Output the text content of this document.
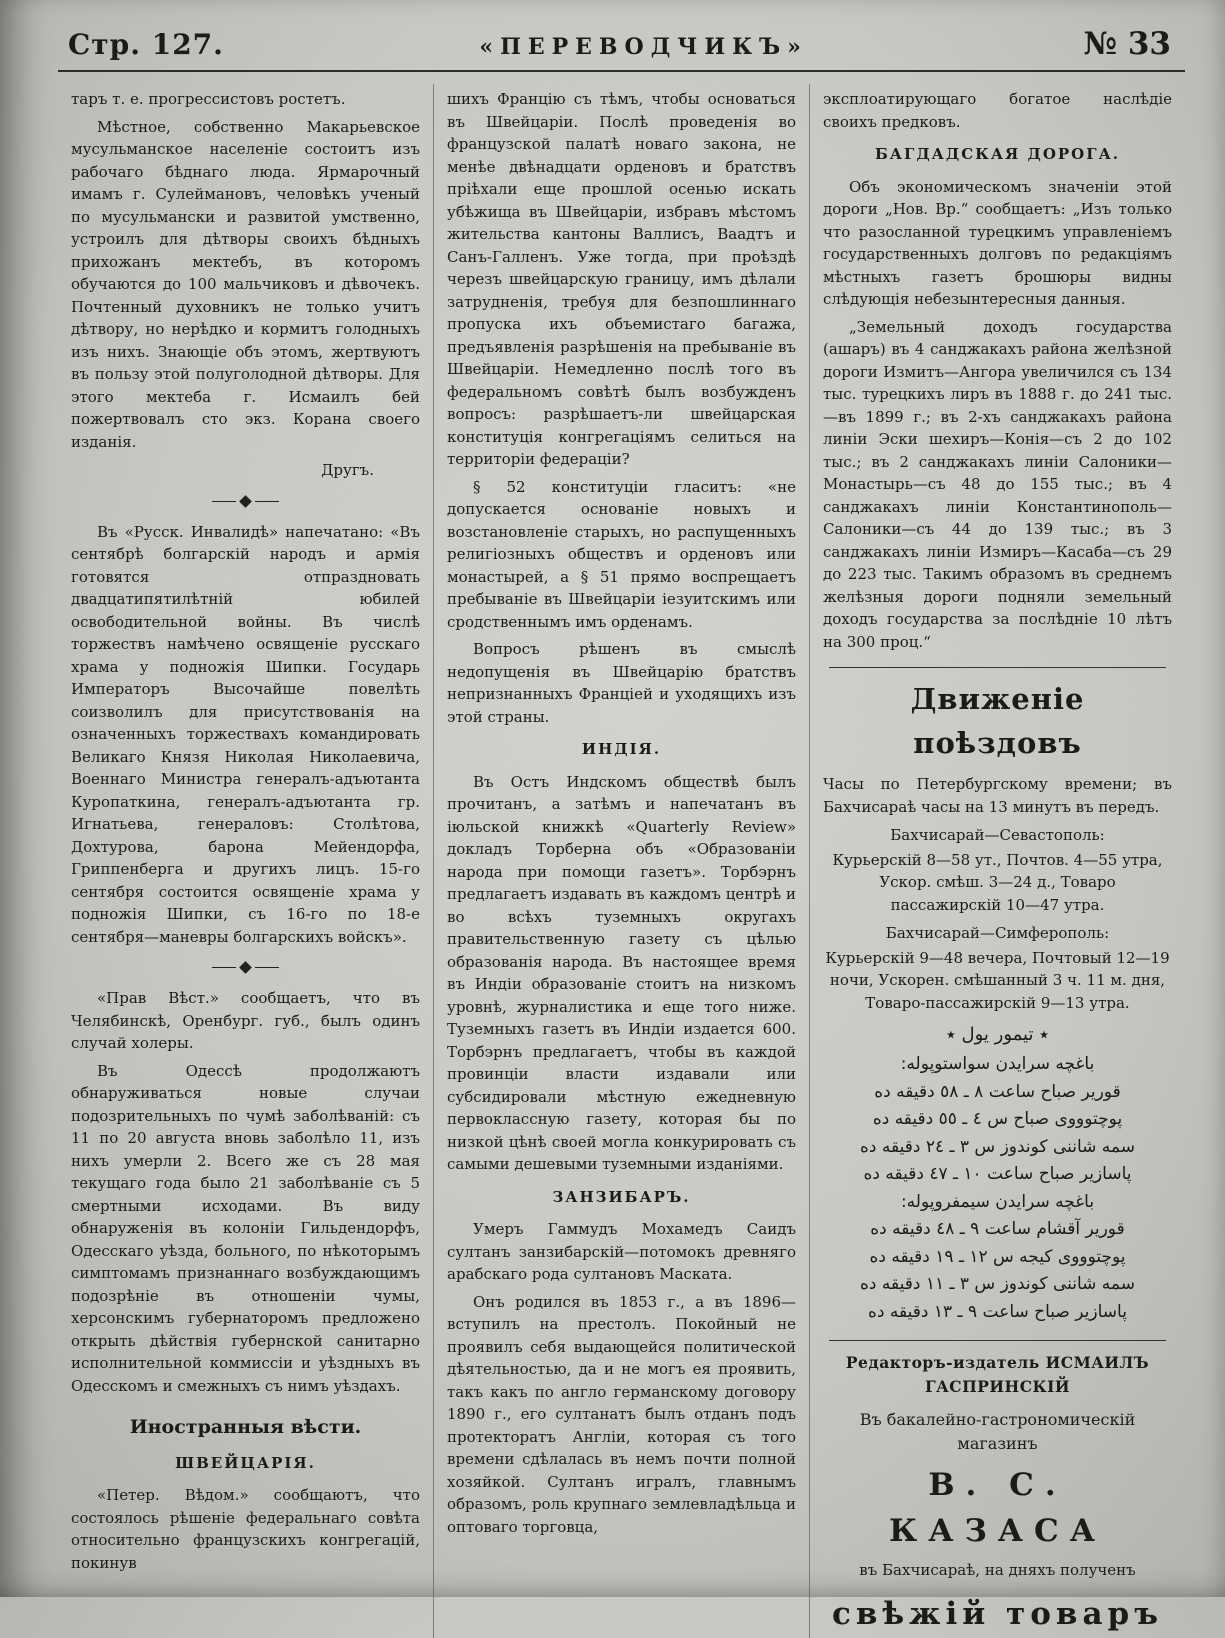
Стр. 127.	«ПЕРЕВОДЧИКЪ»	№ 33

таръ т. е. прогрессистовъ ростетъ.

Мѣстное, собственно Макарьевское мусульманское населеніе состоитъ изъ рабочаго бѣднаго люда. Ярмарочный имамъ г. Сулеймановъ, человѣкъ ученый по мусульмански и развитой умственно, устроилъ для дѣтворы своихъ бѣдныхъ прихожанъ мектебъ, въ которомъ обучаются до 100 мальчиковъ и дѣвочекъ. Почтенный духовникъ не только учитъ дѣтвору, но нерѣдко и кормитъ голодныхъ изъ нихъ. Знающіе объ этомъ, жертвуютъ въ пользу этой полуголодной дѣтворы. Для этого мектеба г. Исмаилъ бей пожертвовалъ сто экз. Корана своего изданія.

Другъ.

Въ «Русск. Инвалидѣ» напечатано: «Въ сентябрѣ болгарскій народъ и армія готовятся отпраздновать двадцатипятилѣтній юбилей освободительной войны. Въ числѣ торжествъ намѣчено освященіе русскаго храма у подножія Шипки. Государь Императоръ Высочайше повелѣть соизволилъ для присутствованія на означенныхъ торжествахъ командировать Великаго Князя Николая Николаевича, Военнаго Министра генералъ-адъютанта Куропаткина, генералъ-адъютанта гр. Игнатьева, генераловъ: Столѣтова, Дохтурова, барона Мейендорфа, Гриппенберга и другихъ лицъ. 15-го сентября состоится освященіе храма у подножія Шипки, съ 16-го по 18-е сентября—маневры болгарскихъ войскъ».

«Прав Вѣст.» сообщаетъ, что въ Челябинскѣ, Оренбург. губ., былъ одинъ случай холеры.

Въ Одессѣ продолжаютъ обнаруживаться новые случаи подозрительныхъ по чумѣ заболѣваній: съ 11 по 20 августа вновь заболѣло 11, изъ нихъ умерли 2. Всего же съ 28 мая текущаго года было 21 заболѣваніе съ 5 смертными исходами. Въ виду обнаруженія въ колоніи Гильдендорфъ, Одесскаго уѣзда, больного, по нѣкоторымъ симптомамъ признаннаго возбуждающимъ подозрѣніе въ отношеніи чумы, херсонскимъ губернаторомъ предложено открыть дѣйствія губернской санитарно исполнительной коммиссіи и уѣздныхъ въ Одесскомъ и смежныхъ съ нимъ уѣздахъ.

Иностранныя вѣсти.
ШВЕЙЦАРІЯ.

«Петер. Вѣдом.» сообщаютъ, что состоялось рѣшеніе федеральнаго совѣта относительно французскихъ конгрегацій, покинув

шихъ Францію съ тѣмъ, чтобы основаться въ Швейцаріи. Послѣ проведенія во французской палатѣ новаго закона, не менѣе двѣнадцати орденовъ и братствъ пріѣхали еще прошлой осенью искать убѣжища въ Швейцаріи, избравъ мѣстомъ жительства кантоны Валлисъ, Ваадтъ и Санъ-Галленъ. Уже тогда, при проѣздѣ черезъ швейцарскую границу, имъ дѣлали затрудненія, требуя для безпошлиннаго пропуска ихъ объемистаго багажа, предъявленія разрѣшенія на пребываніе въ Швейцаріи. Немедленно послѣ того въ федеральномъ совѣтѣ былъ возбужденъ вопросъ: разрѣшаетъ-ли швейцарская конституція конгрегаціямъ селиться на территоріи федераціи?

§ 52 конституціи гласитъ: «не допускается основаніе новыхъ и возстановленіе старыхъ, но распущенныхъ религіозныхъ обществъ и орденовъ или монастырей, а § 51 прямо воспрещаетъ пребываніе въ Швейцаріи іезуитскимъ или сродственнымъ имъ орденамъ.

Вопросъ рѣшенъ въ смыслѣ недопущенія въ Швейцарію братствъ непризнанныхъ Франціей и уходящихъ изъ этой страны.

ИНДІЯ.

Въ Остъ Индскомъ обществѣ былъ прочитанъ, а затѣмъ и напечатанъ въ іюльской книжкѣ «Quarterly Review» докладъ Торберна объ «Образованіи народа при помощи газетъ». Торбэрнъ предлагаетъ издавать въ каждомъ центрѣ и во всѣхъ туземныхъ округахъ правительственную газету съ цѣлью образованія народа. Въ настоящее время въ Индіи образованіе стоитъ на низкомъ уровнѣ, журналистика и еще того ниже. Туземныхъ газетъ въ Индіи издается 600. Торбэрнъ предлагаетъ, чтобы въ каждой провинціи власти издавали или субсидировали мѣстную ежедневную первоклассную газету, которая бы по низкой цѣнѣ своей могла конкурировать съ самыми дешевыми туземными изданіями.

ЗАНЗИБАРЪ.

Умеръ Гаммудъ Мохамедъ Саидъ султанъ занзибарскій—потомокъ древняго арабскаго рода султановъ Маската.

Онъ родился въ 1853 г., а въ 1896— вступилъ на престолъ. Покойный не проявилъ себя выдающейся политической дѣятельностью, да и не могъ ея проявить, такъ какъ по англо германскому договору 1890 г., его султанатъ былъ отданъ подъ протекторатъ Англіи, которая съ того времени сдѣлалась въ немъ почти полной хозяйкой. Султанъ игралъ, главнымъ образомъ, роль крупнаго землевладѣльца и оптоваго торговца,

эксплоатирующаго богатое наслѣдіе своихъ предковъ.

БАГДАДСКАЯ ДОРОГА.

Объ экономическомъ значеніи этой дороги „Нов. Вр.“ сообщаетъ: „Изъ только что разосланной турецкимъ управленіемъ государственныхъ долговъ по редакціямъ мѣстныхъ газетъ брошюры видны слѣдующія небезынтересныя данныя.

„Земельный доходъ государства (ашаръ) въ 4 санджакахъ района желѣзной дороги Измитъ—Ангора увеличился съ 134 тыс. турецкихъ лиръ въ 1888 г. до 241 тыс.—въ 1899 г.; въ 2-хъ санджакахъ района линіи Эски шехиръ—Конія—съ 2 до 102 тыс.; въ 2 санджакахъ линіи Салоники—Монастырь—съ 48 до 155 тыс.; въ 4 санджакахъ линіи Константинополь—Салоники—съ 44 до 139 тыс.; въ 3 санджакахъ линіи Измиръ—Касаба—съ 29 до 223 тыс. Такимъ образомъ въ среднемъ желѣзныя дороги подняли земельный доходъ государства за послѣдніе 10 лѣтъ на 300 проц.“

Движеніе поѣздовъ

Часы по Петербургскому времени; въ Бахчисараѣ часы на 13 минутъ въ передъ.

Бахчисарай—Севастополь:

Курьерскій 8—58 ут., Почтов. 4—55 утра, Ускор. смѣш. 3—24 д., Товаро пассажирскій 10—47 утра.

Бахчисарай—Симферополь:

Курьерскій 9—48 вечера, Почтовый 12—19 ночи, Ускорен. смѣшанный 3 ч. 11 м. дня, Товаро-пассажирскій 9—13 утра.

٭ تيمور يول ٭

باغچه سرايدن سواستوپوله:

قورير صباح ساعت ٨ ـ ٥٨ دقيقه ده

پوچتوووى صباح س ٤ ـ ٥٥ دقيقه ده

سمه شاننى كوندوز س ٣ ـ ٢٤ دقيقه ده

پاسازير صباح ساعت ١٠ ـ ٤٧ دقيقه ده

باغچه سرايدن سيمفروپوله:

قورير آقشام ساعت ٩ ـ ٤٨ دقيقه ده

پوچتوووى كيجه س ١٢ ـ ١٩ دقيقه ده

سمه شاننى كوندوز س ٣ ـ ١١ دقيقه ده

پاسازير صباح ساعت ٩ ـ ١٣ دقيقه ده

Редакторъ-издатель ИСМАИЛЪ ГАСПРИНСКІЙ

Въ бакалейно-гастрономическій магазинъ

В. С. КАЗАСА

въ Бахчисараѣ, на дняхъ полученъ

свѣжій товаръ
